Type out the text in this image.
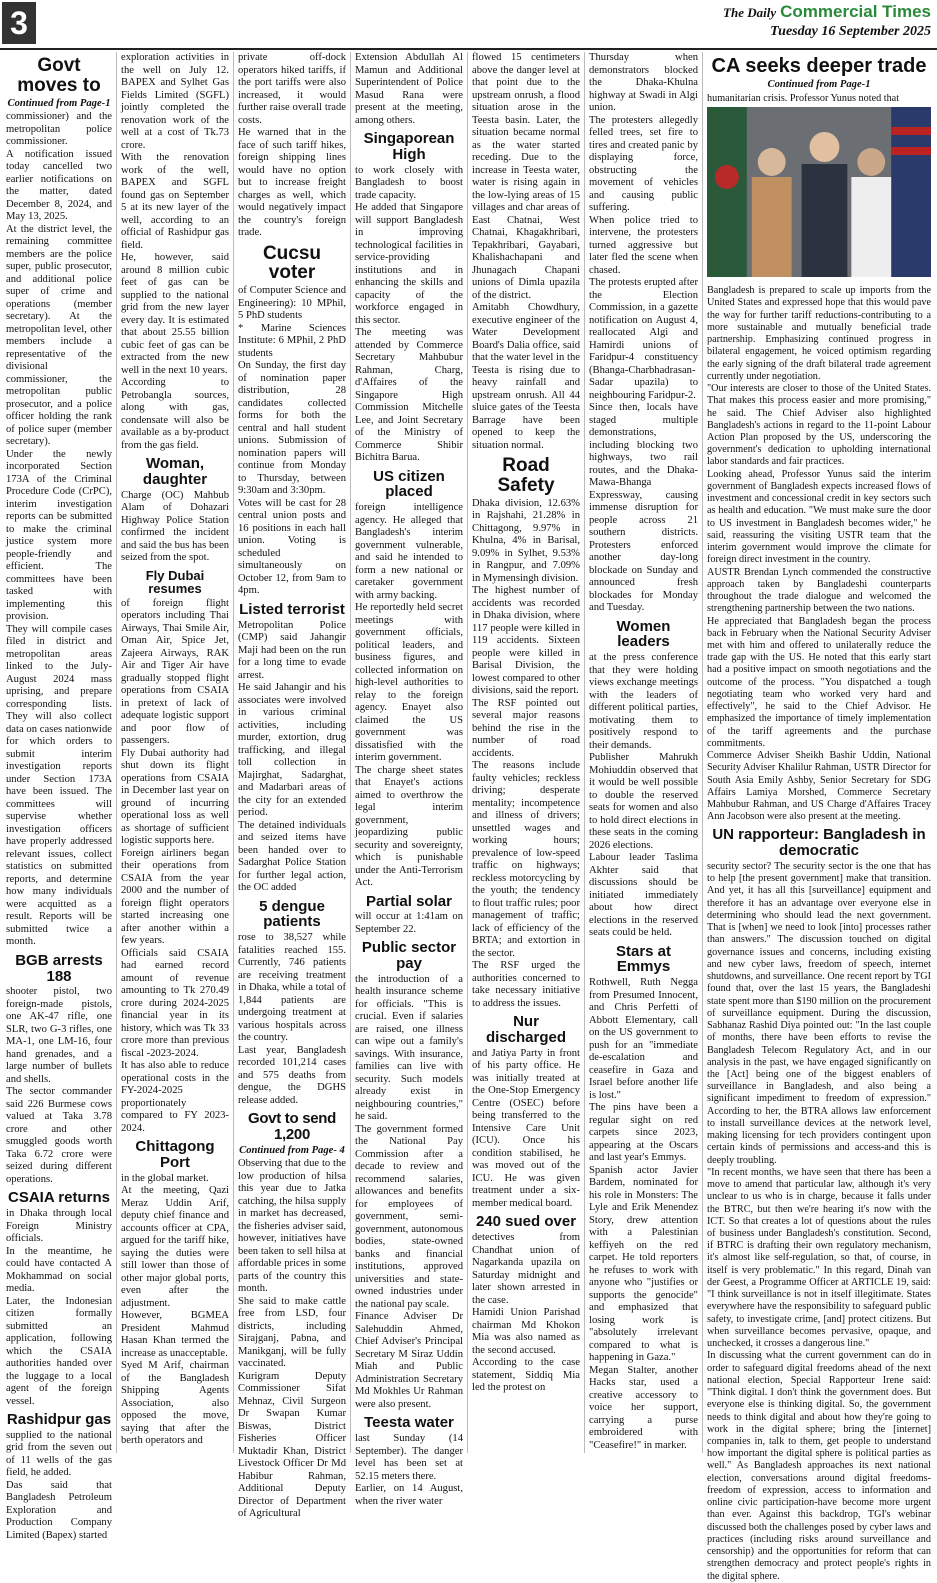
3	The Daily Commercial Times
Tuesday 16 September 2025
Govt moves to
Continued from Page-1

commissioner) and the metropolitan police commissioner.

A notification issued today cancelled two earlier notifications on the matter, dated December 8, 2024, and May 13, 2025.

At the district level, the remaining committee members are the police super, public prosecutor, and additional police super of crime and operations (member secretary). At the metropolitan level, other members include a representative of the divisional commissioner, the metropolitan public prosecutor, and a police officer holding the rank of police super (member secretary).

Under the newly incorporated Section 173A of the Criminal Procedure Code (CrPC), interim investigation reports can be submitted to make the criminal justice system more people-friendly and efficient. The committees have been tasked with implementing this provision.

They will compile cases filed in district and metropolitan areas linked to the July-August 2024 mass uprising, and prepare corresponding lists. They will also collect data on cases nationwide for which orders to submit interim investigation reports under Section 173A have been issued. The committees will supervise whether investigation officers have properly addressed relevant issues, collect statistics on submitted reports, and determine how many individuals were acquitted as a result. Reports will be submitted twice a month.

BGB arrests 188

shooter pistol, two foreign-made pistols, one AK-47 rifle, one SLR, two G-3 rifles, one MA-1, one LM-16, four hand grenades, and a large number of bullets and shells.

The sector commander said 226 Burmese cows valued at Taka 3.78 crore and other smuggled goods worth Taka 6.72 crore were seized during different operations.

CSAIA returns

in Dhaka through local Foreign Ministry officials.

In the meantime, he could have contacted A Mokhammad on social media.

Later, the Indonesian citizen formally submitted an application, following which the CSAIA authorities handed over the luggage to a local agent of the foreign vessel.

Rashidpur gas

supplied to the national grid from the seven out of 11 wells of the gas field, he added.

Das said that Bangladesh Petroleum Exploration and Production Company Limited (Bapex) started

exploration activities in the well on July 12. BAPEX and Sylhet Gas Fields Limited (SGFL) jointly completed the renovation work of the well at a cost of Tk.73 crore.

With the renovation work of the well, BAPEX and SGFL found gas on September 5 at its new layer of the well, according to an official of Rashidpur gas field.

He, however, said around 8 million cubic feet of gas can be supplied to the national grid from the new layer every day. It is estimated that about 25.55 billion cubic feet of gas can be extracted from the new well in the next 10 years.

According to Petrobangla sources, along with gas, condensate will also be available as a by-product from the gas field.

Woman, daughter

Charge (OC) Mahbub Alam of Dohazari Highway Police Station confirmed the incident and said the bus has been seized from the spot.

Fly Dubai resumes

of foreign flight operators including Thai Airways, Thai Smile Air, Oman Air, Spice Jet, Zajeera Airways, RAK Air and Tiger Air have gradually stopped flight operations from CSAIA in pretext of lack of adequate logistic support and poor flow of passengers.

Fly Dubai authority had shut down its flight operations from CSAIA in December last year on ground of incurring operational loss as well as shortage of sufficient logistic supports here.

Foreign airliners began their operations from CSAIA from the year 2000 and the number of foreign flight operators started increasing one after another within a few years.

Officials said CSAIA had earned record amount of revenue amounting to Tk 270.49 crore during 2024-2025 financial year in its history, which was Tk 33 crore more than previous fiscal -2023-2024.

It has also able to reduce operational costs in the FY-2024-2025 proportionately compared to FY 2023-2024.

Chittagong Port

in the global market.

At the meeting, Qazi Meraz Uddin Arif, deputy chief finance and accounts officer at CPA, argued for the tariff hike, saying the duties were still lower than those of other major global ports, even after the adjustment.

However, BGMEA President Mahmud Hasan Khan termed the increase as unacceptable.

Syed M Arif, chairman of the Bangladesh Shipping Agents Association, also opposed the move, saying that after the berth operators and

private off-dock operators hiked tariffs, if the port tariffs were also increased, it would further raise overall trade costs.

He warned that in the face of such tariff hikes, foreign shipping lines would have no option but to increase freight charges as well, which would negatively impact the country's foreign trade.

Cucsu voter

of Computer Science and Engineering): 10 MPhil, 5 PhD students

* Marine Sciences Institute: 6 MPhil, 2 PhD students

On Sunday, the first day of nomination paper distribution, 28 candidates collected forms for both the central and hall student unions. Submission of nomination papers will continue from Monday to Thursday, between 9:30am and 3:30pm.

Votes will be cast for 28 central union posts and 16 positions in each hall union. Voting is scheduled simultaneously on October 12, from 9am to 4pm.

Listed terrorist

Metropolitan Police (CMP) said Jahangir Maji had been on the run for a long time to evade arrest.

He said Jahangir and his associates were involved in various criminal activities, including murder, extortion, drug trafficking, and illegal toll collection in Majirghat, Sadarghat, and Madarbari areas of the city for an extended period.

The detained individuals and seized items have been handed over to Sadarghat Police Station for further legal action, the OC added

5 dengue patients

rose to 38,527 while fatalities reached 155. Currently, 746 patients are receiving treatment in Dhaka, while a total of 1,844 patients are undergoing treatment at various hospitals across the country.

Last year, Bangladesh recorded 101,214 cases and 575 deaths from dengue, the DGHS release added.

Govt to send 1,200
Continued from Page- 4

Observing that due to the low production of hilsa this year due to Jatka catching, the hilsa supply in market has decreased, the fisheries adviser said, however, initiatives have been taken to sell hilsa at affordable prices in some parts of the country this month.

She said to make cattle free from LSD, four districts, including Sirajganj, Pabna, and Manikganj, will be fully vaccinated.

Kurigram Deputy Commissioner Sifat Mehnaz, Civil Surgeon Dr Swapan Kumar Biswas, District Fisheries Officer Muktadir Khan, District Livestock Officer Dr Md Habibur Rahman, Additional Deputy Director of Department of Agricultural

Extension Abdullah Al Mamun and Additional Superintendent of Police Masud Rana were present at the meeting, among others.

Singaporean High

to work closely with Bangladesh to boost trade capacity.

He added that Singapore will support Bangladesh in improving technological facilities in service-providing institutions and in enhancing the skills and capacity of the workforce engaged in this sector.

The meeting was attended by Commerce Secretary Mahbubur Rahman, Charg, d'Affaires of the Singapore High Commission Mitchelle Lee, and Joint Secretary of the Ministry of Commerce Shibir Bichitra Barua.

US citizen placed

foreign intelligence agency. He alleged that Bangladesh's interim government vulnerable, and said he intended to form a new national or caretaker government with army backing.

He reportedly held secret meetings with government officials, political leaders, and business figures, and collected information on high-level authorities to relay to the foreign agency. Enayet also claimed the US government was dissatisfied with the interim government.

The charge sheet states that Enayet's actions aimed to overthrow the legal interim government, jeopardizing public security and sovereignty, which is punishable under the Anti-Terrorism Act.

Partial solar

will occur at 1:41am on September 22.

Public sector pay

the introduction of a health insurance scheme for officials. "This is crucial. Even if salaries are raised, one illness can wipe out a family's savings. With insurance, families can live with security. Such models already exist in neighbouring countries," he said.

The government formed the National Pay Commission after a decade to review and recommend salaries, allowances and benefits for employees of government, semi-government, autonomous bodies, state-owned banks and financial institutions, approved universities and state-owned industries under the national pay scale.

Finance Adviser Dr Salehuddin Ahmed, Chief Adviser's Principal Secretary M Siraz Uddin Miah and Public Administration Secretary Md Mokhles Ur Rahman were also present.

Teesta water

last Sunday (14 September). The danger level has been set at 52.15 meters there.

Earlier, on 14 August, when the river water

flowed 15 centimeters above the danger level at that point due to the upstream onrush, a flood situation arose in the Teesta basin. Later, the situation became normal as the water started receding. Due to the increase in Teesta water, water is rising again in the low-lying areas of 15 villages and char areas of East Chatnai, West Chatnai, Khagakhribari, Tepakhribari, Gayabari, Khalishachapani and Jhunagach Chapani unions of Dimla upazila of the district.

Amitabh Chowdhury, executive engineer of the Water Development Board's Dalia office, said that the water level in the Teesta is rising due to heavy rainfall and upstream onrush. All 44 sluice gates of the Teesta Barrage have been opened to keep the situation normal.

Road Safety

Dhaka division, 12.63% in Rajshahi, 21.28% in Chittagong, 9.97% in Khulna, 4% in Barisal, 9.09% in Sylhet, 9.53% in Rangpur, and 7.09% in Mymensingh division.

The highest number of accidents was recorded in Dhaka division, where 117 people were killed in 119 accidents. Sixteen people were killed in Barisal Division, the lowest compared to other divisions, said the report.

The RSF pointed out several major reasons behind the rise in the number of road accidents.

The reasons include faulty vehicles; reckless driving; desperate mentality; incompetence and illness of drivers; unsettled wages and working hours; prevalence of low-speed traffic on highways; reckless motorcycling by the youth; the tendency to flout traffic rules; poor management of traffic; lack of efficiency of the BRTA; and extortion in the sector.

The RSF urged the authorities concerned to take necessary initiative to address the issues.

Nur discharged

and Jatiya Party in front of his party office. He was initially treated at the One-Stop Emergency Centre (OSEC) before being transferred to the Intensive Care Unit (ICU). Once his condition stabilised, he was moved out of the ICU. He was given treatment under a six-member medical board.

240 sued over

detectives from Chandhat union of Nagarkanda upazila on Saturday midnight and later shown arrested in the case.

Hamidi Union Parishad chairman Md Khokon Mia was also named as the second accused.

According to the case statement, Siddiq Mia led the protest on

Thursday when demonstrators blocked the Dhaka-Khulna highway at Swadi in Algi union.

The protesters allegedly felled trees, set fire to tires and created panic by displaying force, obstructing the movement of vehicles and causing public suffering.

When police tried to intervene, the protesters turned aggressive but later fled the scene when chased.

The protests erupted after the Election Commission, in a gazette notification on August 4, reallocated Algi and Hamirdi unions of Faridpur-4 constituency (Bhanga-Charbhadrasan-Sadar upazila) to neighbouring Faridpur-2.

Since then, locals have staged multiple demonstrations, including blocking two highways, two rail routes, and the Dhaka-Mawa-Bhanga Expressway, causing immense disruption for people across 21 southern districts. Protesters enforced another day-long blockade on Sunday and announced fresh blockades for Monday and Tuesday.

Women leaders

at the press conference that they were holding views exchange meetings with the leaders of different political parties, motivating them to positively respond to their demands.

Publisher Mahrukh Mohiuddin observed that it would be well possible to double the reserved seats for women and also to hold direct elections in these seats in the coming 2026 elections.

Labour leader Taslima Akhter said that discussions should be initiated immediately about how direct elections in the reserved seats could be held.

Stars at Emmys

Rothwell, Ruth Negga from Presumed Innocent, and Chris Perfetti of Abbott Elementary, call on the US government to push for an "immediate de-escalation and ceasefire in Gaza and Israel before another life is lost."

The pins have been a regular sight on red carpets since 2023, appearing at the Oscars and last year's Emmys.

Spanish actor Javier Bardem, nominated for his role in Monsters: The Lyle and Erik Menendez Story, drew attention with a Palestinian keffiyeh on the red carpet. He told reporters he refuses to work with anyone who "justifies or supports the genocide" and emphasized that losing work is "absolutely irrelevant compared to what is happening in Gaza."

Megan Stalter, another Hacks star, used a creative accessory to voice her support, carrying a purse embroidered with "Ceasefire!" in marker.

CA seeks deeper trade
Continued from Page-1

humanitarian crisis. Professor Yunus noted that

Bangladesh is prepared to scale up imports from the United States and expressed hope that this would pave the way for further tariff reductions-contributing to a more sustainable and mutually beneficial trade partnership. Emphasizing continued progress in bilateral engagement, he voiced optimism regarding the early signing of the draft bilateral trade agreement currently under negotiation.

"Our interests are closer to those of the United States. That makes this process easier and more promising," he said. The Chief Adviser also highlighted Bangladesh's actions in regard to the 11-point Labour Action Plan proposed by the US, underscoring the government's dedication to upholding international labor standards and fair practices.

Looking ahead, Professor Yunus said the interim government of Bangladesh expects increased flows of investment and concessional credit in key sectors such as health and education. "We must make sure the door to US investment in Bangladesh becomes wider," he said, reassuring the visiting USTR team that the interim government would improve the climate for foreign direct investment in the country.

AUSTR Brendan Lynch commended the constructive approach taken by Bangladeshi counterparts throughout the trade dialogue and welcomed the strengthening partnership between the two nations.

He appreciated that Bangladesh began the process back in February when the National Security Adviser met with him and offered to unilaterally reduce the trade gap with the US. He noted that this early start had a positive impact on smooth negotiations and the outcome of the process. "You dispatched a tough negotiating team who worked very hard and effectively", he said to the Chief Advisor. He emphasized the importance of timely implementation of the tariff agreements and the purchase commitments.

Commerce Adviser Sheikh Bashir Uddin, National Security Adviser Khalilur Rahman, USTR Director for South Asia Emily Ashby, Senior Secretary for SDG Affairs Lamiya Morshed, Commerce Secretary Mahbubur Rahman, and US Charge d'Affaires Tracey Ann Jacobson were also present at the meeting.

UN rapporteur: Bangladesh in democratic

security sector? The security sector is the one that has to help [the present government] make that transition. And yet, it has all this [surveillance] equipment and therefore it has an advantage over everyone else in determining who should lead the next government. That is [when] we need to look [into] processes rather than answers." The discussion touched on digital governance issues and concerns, including existing and new cyber laws, freedom of speech, internet shutdowns, and surveillance. One recent report by TGI found that, over the last 15 years, the Bangladeshi state spent more than $190 million on the procurement of surveillance equipment. During the discussion, Sabhanaz Rashid Diya pointed out: "In the last couple of months, there have been efforts to revise the Bangladesh Telecom Regulatory Act, and in our analysis in the past, we have engaged significantly on the [Act] being one of the biggest enablers of surveillance in Bangladesh, and also being a significant impediment to freedom of expression." According to her, the BTRA allows law enforcement to install surveillance devices at the network level, making licensing for tech providers contingent upon certain kinds of permissions and access-and this is deeply troubling.

"In recent months, we have seen that there has been a move to amend that particular law, although it's very unclear to us who is in charge, because it falls under the BTRC, but then we're hearing it's now with the ICT. So that creates a lot of questions about the rules of business under Bangladesh's constitution. Second, if BTRC is drafting their own regulatory mechanism, it's almost like self-regulation, so that, of course, in itself is very problematic." In this regard, Dinah van der Geest, a Programme Officer at ARTICLE 19, said: "I think surveillance is not in itself illegitimate. States everywhere have the responsibility to safeguard public safety, to investigate crime, [and] protect citizens. But when surveillance becomes pervasive, opaque, and unchecked, it crosses a dangerous line."

In discussing what the current government can do in order to safeguard digital freedoms ahead of the next national election, Special Rapporteur Irene said: "Think digital. I don't think the government does. But everyone else is thinking digital. So, the government needs to think digital and about how they're going to work in the digital sphere; bring the [internet] companies in, talk to them, get people to understand how important the digital sphere is political parties as well." As Bangladesh approaches its next national election, conversations around digital freedoms-freedom of expression, access to information and online civic participation-have become more urgent than ever. Against this backdrop, TGI's webinar discussed both the challenges posed by cyber laws and practices (including risks around surveillance and censorship) and the opportunities for reform that can strengthen democracy and protect people's rights in the digital sphere.
